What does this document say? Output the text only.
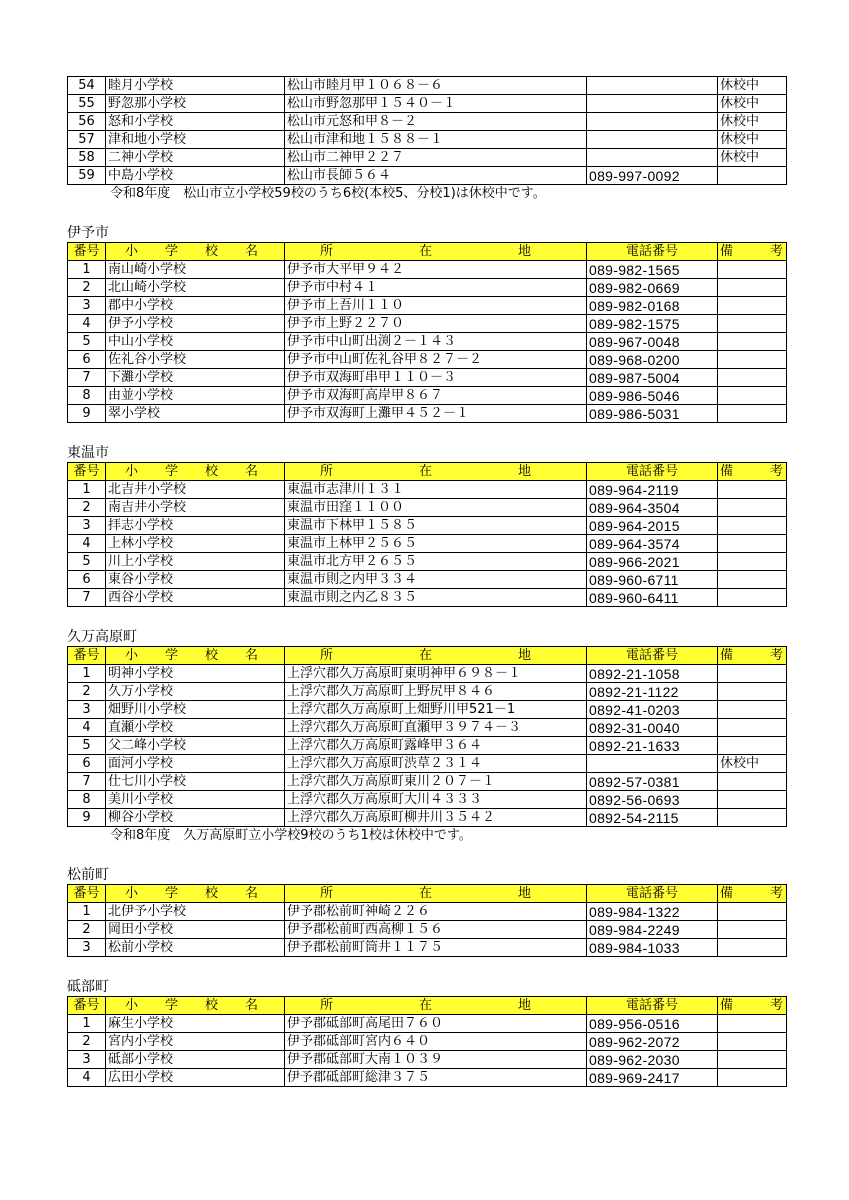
54	睦月小学校	松山市睦月甲１０６８－６		休校中
55	野忽那小学校	松山市野忽那甲１５４０－１		休校中
56	怒和小学校	松山市元怒和甲８－２		休校中
57	津和地小学校	松山市津和地１５８８－１		休校中
58	二神小学校	松山市二神甲２２７		休校中
59	中島小学校	松山市長師５６４	089-997-0092	
令和8年度　松山市立小学校59校のうち6校(本校5、分校1)は休校中です。
伊予市
番号	小　学　校　名	所　　在　　地	電話番号	備　考
1	南山崎小学校	伊予市大平甲９４２	089-982-1565	
2	北山崎小学校	伊予市中村４１	089-982-0669	
3	郡中小学校	伊予市上吾川１１０	089-982-0168	
4	伊予小学校	伊予市上野２２７０	089-982-1575	
5	中山小学校	伊予市中山町出渕２－１４３	089-967-0048	
6	佐礼谷小学校	伊予市中山町佐礼谷甲８２７－２	089-968-0200	
7	下灘小学校	伊予市双海町串甲１１０－３	089-987-5004	
8	由並小学校	伊予市双海町高岸甲８６７	089-986-5046	
9	翠小学校	伊予市双海町上灘甲４５２－１	089-986-5031	
東温市
番号	小　学　校　名	所　　在　　地	電話番号	備　考
1	北吉井小学校	東温市志津川１３１	089-964-2119	
2	南吉井小学校	東温市田窪１１００	089-964-3504	
3	拝志小学校	東温市下林甲１５８５	089-964-2015	
4	上林小学校	東温市上林甲２５６５	089-964-3574	
5	川上小学校	東温市北方甲２６５５	089-966-2021	
6	東谷小学校	東温市則之内甲３３４	089-960-6711	
7	西谷小学校	東温市則之内乙８３５	089-960-6411	
久万高原町
番号	小　学　校　名	所　　在　　地	電話番号	備　考
1	明神小学校	上浮穴郡久万高原町東明神甲６９８－１	0892-21-1058	
2	久万小学校	上浮穴郡久万高原町上野尻甲８４６	0892-21-1122	
3	畑野川小学校	上浮穴郡久万高原町上畑野川甲521－1	0892-41-0203	
4	直瀬小学校	上浮穴郡久万高原町直瀬甲３９７４－３	0892-31-0040	
5	父二峰小学校	上浮穴郡久万高原町露峰甲３６４	0892-21-1633	
6	面河小学校	上浮穴郡久万高原町渋草２３１４		休校中
7	仕七川小学校	上浮穴郡久万高原町東川２０７－１	0892-57-0381	
8	美川小学校	上浮穴郡久万高原町大川４３３３	0892-56-0693	
9	柳谷小学校	上浮穴郡久万高原町柳井川３５４２	0892-54-2115	
令和8年度　久万高原町立小学校9校のうち1校は休校中です。
松前町
番号	小　学　校　名	所　　在　　地	電話番号	備　考
1	北伊予小学校	伊予郡松前町神崎２２６	089-984-1322	
2	岡田小学校	伊予郡松前町西高柳１５６	089-984-2249	
3	松前小学校	伊予郡松前町筒井１１７５	089-984-1033	
砥部町
番号	小　学　校　名	所　　在　　地	電話番号	備　考
1	麻生小学校	伊予郡砥部町高尾田７６０	089-956-0516	
2	宮内小学校	伊予郡砥部町宮内６４０	089-962-2072	
3	砥部小学校	伊予郡砥部町大南１０３９	089-962-2030	
4	広田小学校	伊予郡砥部町総津３７５	089-969-2417	
